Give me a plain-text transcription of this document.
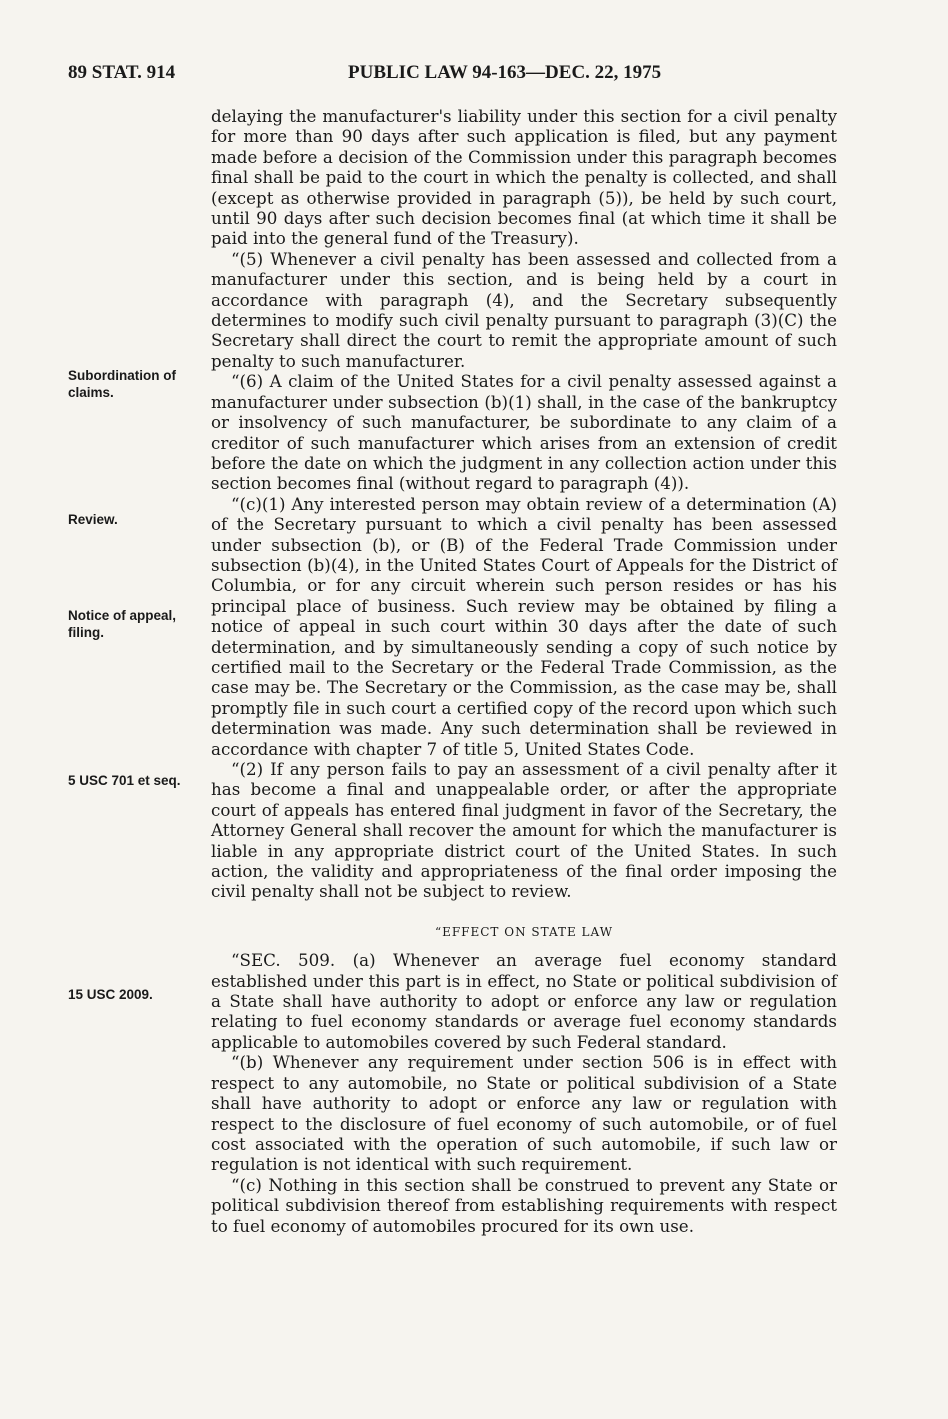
89 STAT. 914	PUBLIC LAW 94-163—DEC. 22, 1975
Subordination of claims.
Review.
Notice of appeal, filing.
5 USC 701 et seq.
15 USC 2009.

delaying the manufacturer's liability under this section for a civil penalty for more than 90 days after such application is filed, but any payment made before a decision of the Commission under this paragraph becomes final shall be paid to the court in which the penalty is collected, and shall (except as otherwise provided in paragraph (5)), be held by such court, until 90 days after such decision becomes final (at which time it shall be paid into the general fund of the Treasury).

“(5) Whenever a civil penalty has been assessed and collected from a manufacturer under this section, and is being held by a court in accordance with paragraph (4), and the Secretary subsequently determines to modify such civil penalty pursuant to paragraph (3)(C) the Secretary shall direct the court to remit the appropriate amount of such penalty to such manufacturer.

“(6) A claim of the United States for a civil penalty assessed against a manufacturer under subsection (b)(1) shall, in the case of the bankruptcy or insolvency of such manufacturer, be subordinate to any claim of a creditor of such manufacturer which arises from an extension of credit before the date on which the judgment in any collection action under this section becomes final (without regard to paragraph (4)).

“(c)(1) Any interested person may obtain review of a determination (A) of the Secretary pursuant to which a civil penalty has been assessed under subsection (b), or (B) of the Federal Trade Commission under subsection (b)(4), in the United States Court of Appeals for the District of Columbia, or for any circuit wherein such person resides or has his principal place of business. Such review may be obtained by filing a notice of appeal in such court within 30 days after the date of such determination, and by simultaneously sending a copy of such notice by certified mail to the Secretary or the Federal Trade Commission, as the case may be. The Secretary or the Commission, as the case may be, shall promptly file in such court a certified copy of the record upon which such determination was made. Any such determination shall be reviewed in accordance with chapter 7 of title 5, United States Code.

“(2) If any person fails to pay an assessment of a civil penalty after it has become a final and unappealable order, or after the appropriate court of appeals has entered final judgment in favor of the Secretary, the Attorney General shall recover the amount for which the manufacturer is liable in any appropriate district court of the United States. In such action, the validity and appropriateness of the final order imposing the civil penalty shall not be subject to review.

“EFFECT ON STATE LAW

“SEC. 509. (a) Whenever an average fuel economy standard established under this part is in effect, no State or political subdivision of a State shall have authority to adopt or enforce any law or regulation relating to fuel economy standards or average fuel economy standards applicable to automobiles covered by such Federal standard.

“(b) Whenever any requirement under section 506 is in effect with respect to any automobile, no State or political subdivision of a State shall have authority to adopt or enforce any law or regulation with respect to the disclosure of fuel economy of such automobile, or of fuel cost associated with the operation of such automobile, if such law or regulation is not identical with such requirement.

“(c) Nothing in this section shall be construed to prevent any State or political subdivision thereof from establishing requirements with respect to fuel economy of automobiles procured for its own use.
